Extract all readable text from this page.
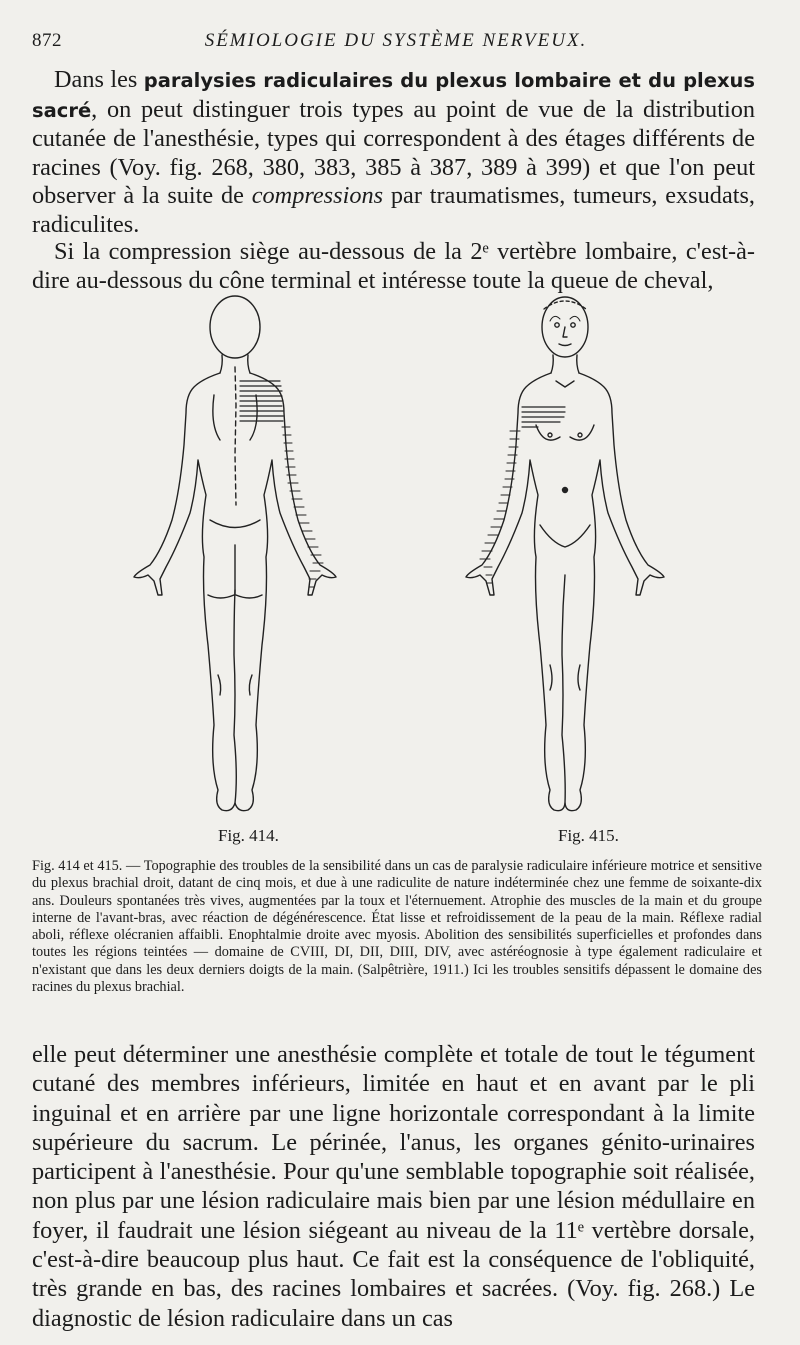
872	SÉMIOLOGIE DU SYSTÈME NERVEUX.

Dans les paralysies radiculaires du plexus lombaire et du plexus sacré, on peut distinguer trois types au point de vue de la distribution cutanée de l'anesthésie, types qui correspondent à des étages différents de racines (Voy. fig. 268, 380, 383, 385 à 387, 389 à 399) et que l'on peut observer à la suite de compressions par traumatismes, tumeurs, exsudats, radiculites.

Si la compression siège au-dessous de la 2ᵉ vertèbre lombaire, c'est-à-dire au-dessous du cône terminal et intéresse toute la queue de cheval,

Fig. 414.	Fig. 415.

Fig. 414 et 415. — Topographie des troubles de la sensibilité dans un cas de paralysie radiculaire inférieure motrice et sensitive du plexus brachial droit, datant de cinq mois, et due à une radiculite de nature indéterminée chez une femme de soixante-dix ans. Douleurs spontanées très vives, augmentées par la toux et l'éternuement. Atrophie des muscles de la main et du groupe interne de l'avant-bras, avec réaction de dégénérescence. État lisse et refroidissement de la peau de la main. Réflexe radial aboli, réflexe olécranien affaibli. Enophtalmie droite avec myosis. Abolition des sensibilités superficielles et profondes dans toutes les régions teintées — domaine de CVIII, DI, DII, DIII, DIV, avec astéréognosie à type également radiculaire et n'existant que dans les deux derniers doigts de la main. (Salpêtrière, 1911.) Ici les troubles sensitifs dépassent le domaine des racines du plexus brachial.

elle peut déterminer une anesthésie complète et totale de tout le tégument cutané des membres inférieurs, limitée en haut et en avant par le pli inguinal et en arrière par une ligne horizontale correspondant à la limite supérieure du sacrum. Le périnée, l'anus, les organes génito-urinaires participent à l'anesthésie. Pour qu'une semblable topographie soit réalisée, non plus par une lésion radiculaire mais bien par une lésion médullaire en foyer, il faudrait une lésion siégeant au niveau de la 11ᵉ vertèbre dorsale, c'est-à-dire beaucoup plus haut. Ce fait est la conséquence de l'obliquité, très grande en bas, des racines lombaires et sacrées. (Voy. fig. 268.) Le diagnostic de lésion radiculaire dans un cas
